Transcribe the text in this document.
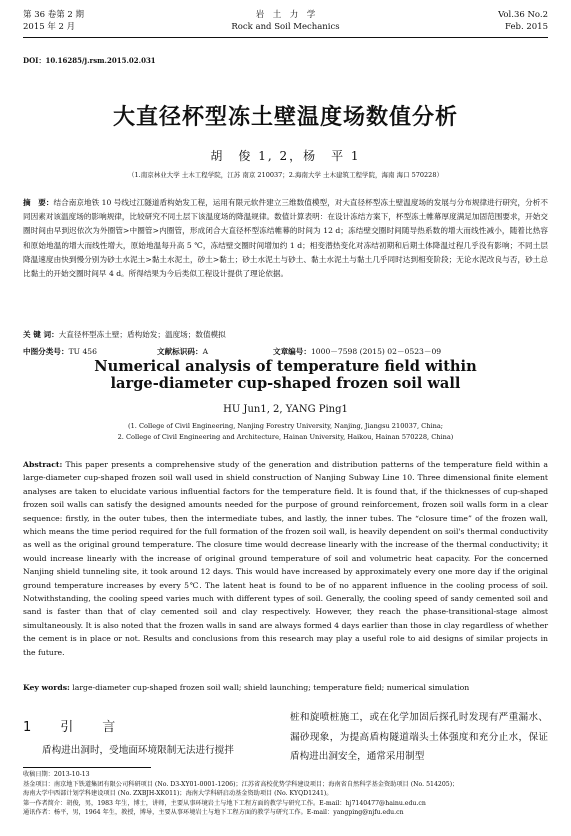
第 36 卷第 2 期
2015 年 2 月
岩　土　力　学
Rock and Soil Mechanics
Vol.36 No.2
Feb. 2015
DOI：10.16285/j.rsm.2015.02.031
大直径杯型冻土壁温度场数值分析
胡　俊 1, 2，杨　平 1
（1.南京林业大学 土木工程学院，江苏 南京 210037；2.海南大学 土木建筑工程学院，海南 海口 570228）
摘　要：结合南京地铁 10 号线过江隧道盾构始发工程，运用有限元软件建立三维数值模型，对大直径杯型冻土壁温度场的发展与分布规律进行研究，分析不同因素对该温度场的影响规律，比较研究不同土层下该温度场的降温规律。数值计算表明：在设计冻结方案下，杯型冻土帷幕厚度满足加固范围要求，开始交圈时间由早到迟依次为外圈管>中圈管>内圈管，形成闭合大直径杯型冻结帷幕的时间为 12 d；冻结壁交圈时间随导热系数的增大而线性减小，随着比热容和原始地温的增大而线性增大，原始地温每升高 5 ℃，冻结壁交圈时间增加约 1 d；相变潜热变化对冻结初期和后期土体降温过程几乎没有影响；不同土层降温速度由快到慢分别为砂土水泥土>黏土水泥土，砂土>黏土；砂土水泥土与砂土、黏土水泥土与黏土几乎同时达到相变阶段；无论水泥改良与否，砂土总比黏土的开始交圈时间早 4 d。所得结果为今后类似工程设计提供了理论依据。
关 键 词：大直径杯型冻土壁；盾构始发；温度场；数值模拟
中图分类号：TU 456	文献标识码：A	文章编号：1000－7598 (2015) 02－0523－09
Numerical analysis of temperature field within
large-diameter cup-shaped frozen soil wall
HU Jun1, 2, YANG Ping1
(1. College of Civil Engineering, Nanjing Forestry University, Nanjing, Jiangsu 210037, China;
2. College of Civil Engineering and Architecture, Hainan University, Haikou, Hainan 570228, China)
Abstract: This paper presents a comprehensive study of the generation and distribution patterns of the temperature field within a large-diameter cup-shaped frozen soil wall used in shield construction of Nanjing Subway Line 10. Three dimensional finite element analyses are taken to elucidate various influential factors for the temperature field. It is found that, if the thicknesses of cup-shaped frozen soil walls can satisfy the designed amounts needed for the purpose of ground reinforcement, frozen soil walls form in a clear sequence: firstly, in the outer tubes, then the intermediate tubes, and lastly, the inner tubes. The “closure time” of the frozen wall, which means the time period required for the full formation of the frozen soil wall, is heavily dependent on soil's thermal conductivity as well as the original ground temperature. The closure time would decrease linearly with the increase of the thermal conductivity; it would increase linearly with the increase of original ground temperature of soil and volumetric heat capacity. For the concerned Nanjing shield tunneling site, it took around 12 days. This would have increased by approximately every one more day if the original ground temperature increases by every 5℃. The latent heat is found to be of no apparent influence in the cooling process of soil. Notwithstanding, the cooling speed varies much with different types of soil. Generally, the cooling speed of sandy cemented soil and sand is faster than that of clay cemented soil and clay respectively. However, they reach the phase-transitional-stage almost simultaneously. It is also noted that the frozen walls in sand are always formed 4 days earlier than those in clay regardless of whether the cement is in place or not. Results and conclusions from this research may play a useful role to aid designs of similar projects in the future.
Key words: large-diameter cup-shaped frozen soil wall; shield launching; temperature field; numerical simulation
1　引　言
盾构进出洞时，受地面环境限制无法进行搅拌
桩和旋喷桩施工，或在化学加固后探孔时发现有严重漏水、漏砂现象，为提高盾构隧道端头土体强度和充分止水，保证盾构进出洞安全，通常采用制型
收稿日期：2013-10-13
基金项目：南京地下铁道集团有限公司科研项目 (No. D3-XY01-0001-1206)；江苏省高校优势学科建设项目；海南省自然科学基金资助项目 (No. 514205)；
海南大学中西部计划学科建设项目 (No. ZXBJH-XK011)；海南大学科研启动基金资助项目 (No. KYQD1241)。
第一作者简介：胡俊，男，1983 年生，博士，讲师，主要从事环境岩土与地下工程方面的教学与研究工作。E-mail：hj7140477@hainu.edu.cn
通讯作者：杨平，男，1964 年生，教授，博导，主要从事环境岩土与地下工程方面的教学与研究工作。E-mail：yangping@njfu.edu.cn
